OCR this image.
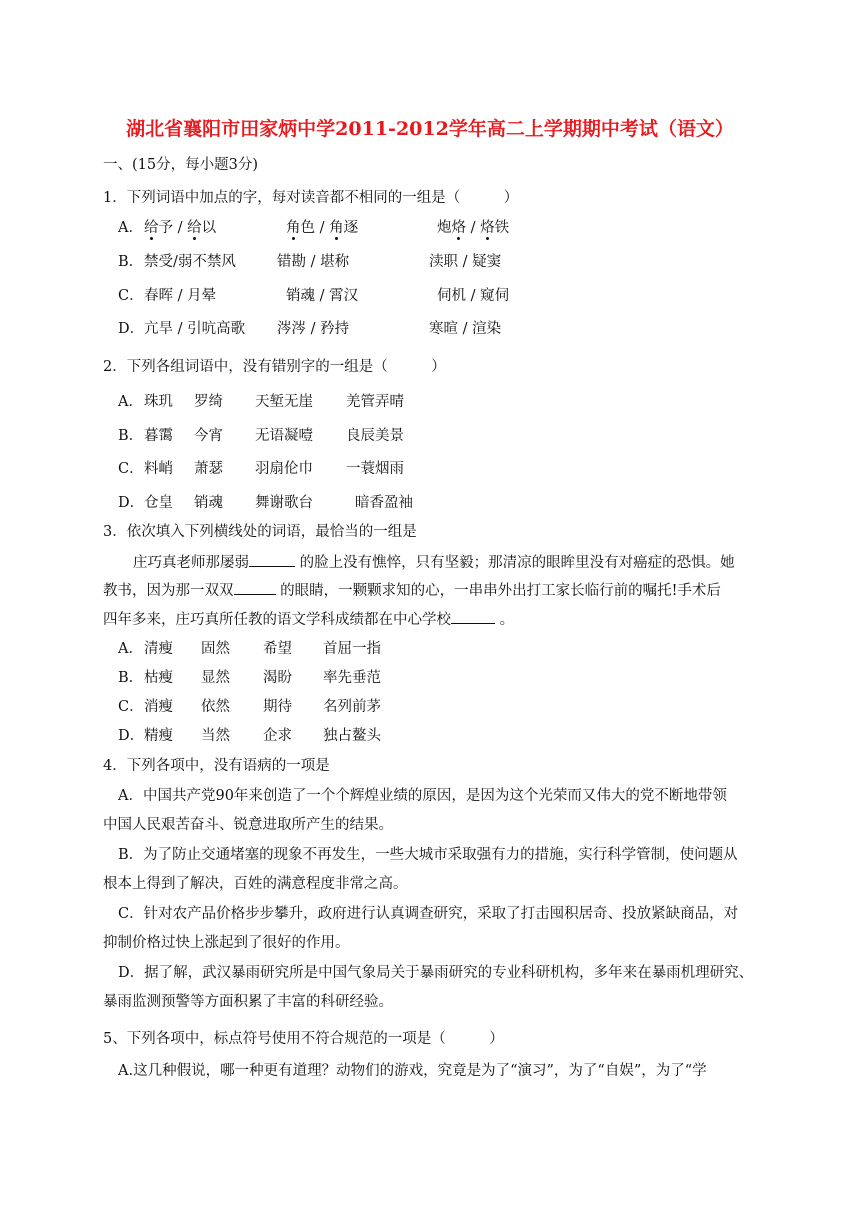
湖北省襄阳市田家炳中学2011-2012学年高二上学期期中考试（语文）
一、(15分，每小题3分)
1．下列词语中加点的字，每对读音都不相同的一组是（　　　）
A． 给予 / 给以	角色 / 角逐	炮烙 / 烙铁
B． 禁受/弱不禁风	错勘 / 堪称	渎职 / 疑窦
C． 春晖 / 月晕	销魂 / 霄汉	伺机 / 窥伺
D． 亢旱 / 引吭高歌 涔涔 / 矜持	寒暄 / 渲染
2．下列各组词语中，没有错别字的一组是（　　　）
A． 珠玑 罗绮 天堑无崖 羌管弄晴
B． 暮霭 今宵 无语凝噎 良辰美景
C． 料峭 萧瑟 羽扇伦巾 一蓑烟雨
D． 仓皇 销魂 舞谢歌台	暗香盈袖
3．依次填入下列横线处的词语，最恰当的一组是
庄巧真老师那屡弱	的脸上没有憔悴，只有坚毅；那清凉的眼眸里没有对癌症的恐惧。她
教书，因为那一双双	的眼睛，一颗颗求知的心，一串串外出打工家长临行前的嘱托!手术后
四年多来，庄巧真所任教的语文学科成绩都在中心学校	。
A． 清瘦 固然 希望 首屈一指
B． 枯瘦 显然 渴盼 率先垂范
C． 消瘦 依然 期待 名列前茅
D． 精瘦 当然 企求 独占鳌头
4．下列各项中，没有语病的一项是
A．中国共产党90年来创造了一个个辉煌业绩的原因，是因为这个光荣而又伟大的党不断地带领
中国人民艰苦奋斗、锐意进取所产生的结果。
B．为了防止交通堵塞的现象不再发生，一些大城市采取强有力的措施，实行科学管制，使问题从
根本上得到了解决，百姓的满意程度非常之高。
C．针对农产品价格步步攀升，政府进行认真调查研究，采取了打击囤积居奇、投放紧缺商品，对
抑制价格过快上涨起到了很好的作用。
D．据了解，武汉暴雨研究所是中国气象局关于暴雨研究的专业科研机构，多年来在暴雨机理研究、
暴雨监测预警等方面积累了丰富的科研经验。
5、下列各项中，标点符号使用不符合规范的一项是（　　　）
A.这几种假说，哪一种更有道理？动物们的游戏，究竟是为了“演习”，为了“自娱”，为了“学
